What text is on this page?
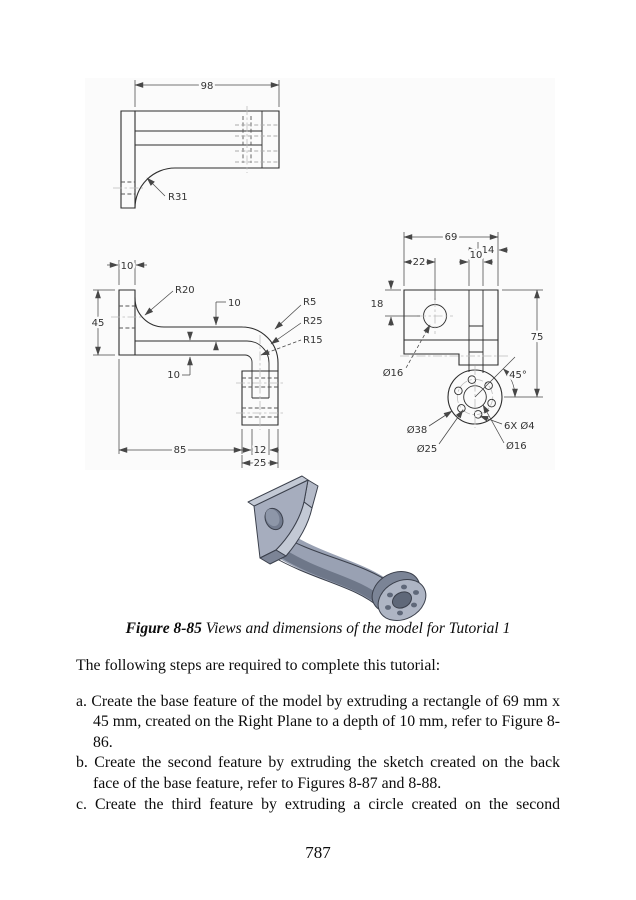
98
R31
10
45
R20
10
10
R5
R25
R15
85	12
25
69
14
10
22
18
75
45°
Ø16
Ø38
Ø25
6X Ø4
Ø16
Figure 8-85 Views and dimensions of the model for Tutorial 1

The following steps are required to complete this tutorial:

a. Create the base feature of the model by extruding a rectangle of 69 mm x 45 mm, created on the Right Plane to a depth of 10 mm, refer to Figure 8-86.
b. Create the second feature by extruding the sketch created on the back face of the base feature, refer to Figures 8-87 and 8-88.
c. Create the third feature by extruding a circle created on the second
787
